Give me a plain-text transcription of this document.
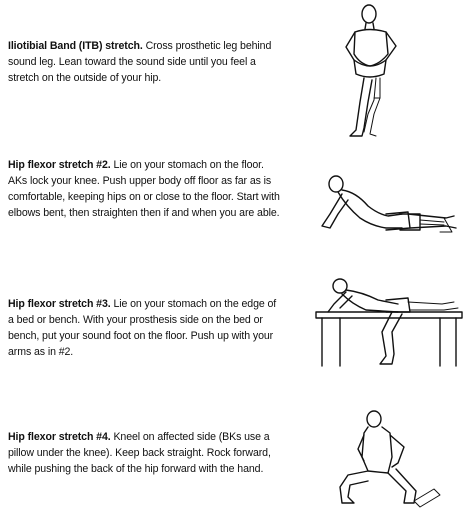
Iliotibial Band (ITB) stretch. Cross prosthetic leg behind sound leg. Lean toward the sound side until you feel a stretch on the outside of your hip.
Hip flexor stretch #2. Lie on your stomach on the floor. AKs lock your knee. Push upper body off floor as far as is comfortable, keeping hips on or close to the floor. Start with elbows bent, then straighten then if and when you are able.
Hip flexor stretch #3. Lie on your stomach on the edge of a bed or bench. With your prosthesis side on the bed or bench, put your sound foot on the floor. Push up with your arms as in #2.
Hip flexor stretch #4. Kneel on affected side (BKs use a pillow under the knee). Keep back straight. Rock forward, while pushing the back of the hip forward with the hand.
